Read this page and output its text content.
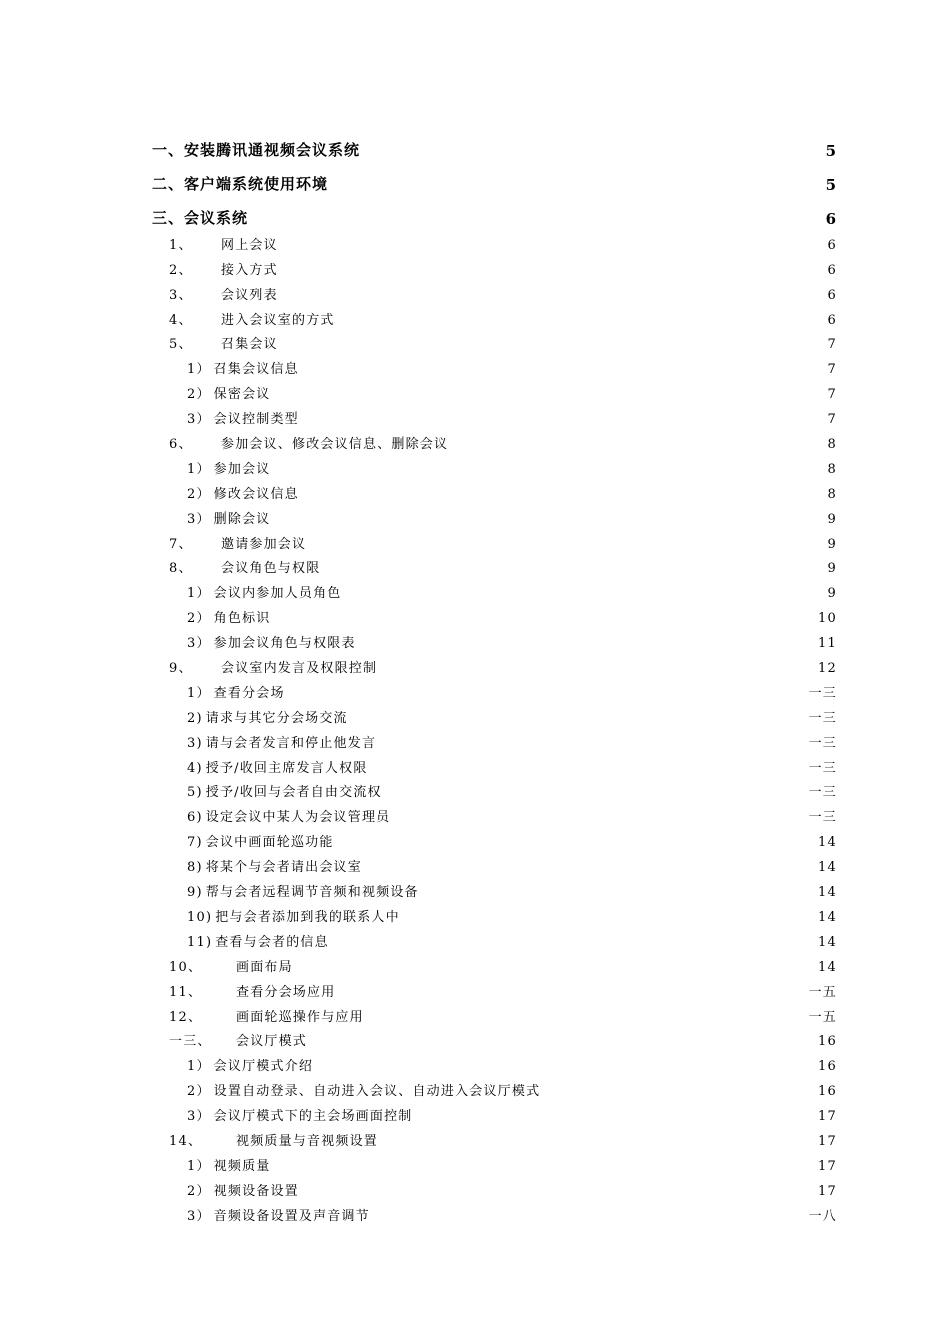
一、 安装腾讯通视频会议系统	5
二、 客户端系统使用环境	5
三、 会议系统	6
1、	网上会议	6
2、	接入方式	6
3、	会议列表	6
4、	进入会议室的方式	6
5、	召集会议	7
1） 召集会议信息	7
2） 保密会议	7
3） 会议控制类型	7
6、	参加会议、修改会议信息、删除会议	8
1） 参加会议	8
2） 修改会议信息	8
3） 删除会议	9
7、	邀请参加会议	9
8、	会议角色与权限	9
1） 会议内参加人员角色	9
2） 角色标识	10
3） 参加会议角色与权限表	11
9、	会议室内发言及权限控制	12
1） 查看分会场	一三
2) 请求与其它分会场交流	一三
3) 请与会者发言和停止他发言	一三
4) 授予/收回主席发言人权限	一三
5) 授予/收回与会者自由交流权	一三
6) 设定会议中某人为会议管理员	一三
7) 会议中画面轮巡功能	14
8) 将某个与会者请出会议室	14
9) 帮与会者远程调节音频和视频设备	14
10) 把与会者添加到我的联系人中	14
11) 查看与会者的信息	14
10、	画面布局	14
11、	查看分会场应用	一五
12、	画面轮巡操作与应用	一五
一三、	会议厅模式	16
1） 会议厅模式介绍	16
2） 设置自动登录、自动进入会议、自动进入会议厅模式	16
3） 会议厅模式下的主会场画面控制	17
14、	视频质量与音视频设置	17
1） 视频质量	17
2） 视频设备设置	17
3） 音频设备设置及声音调节	一八
